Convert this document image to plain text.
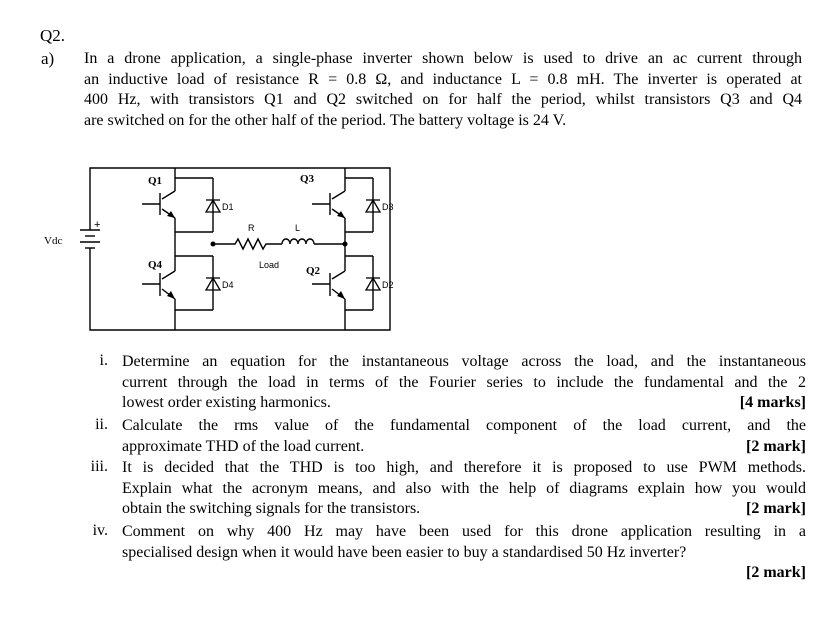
Q2.
a) In a drone application, a single-phase inverter shown below is used to drive an ac current through
an inductive load of resistance R = 0.8 Ω, and inductance L = 0.8 mH. The inverter is operated at
400 Hz, with transistors Q1 and Q2 switched on for half the period, whilst transistors Q3 and Q4
are switched on for the other half of the period. The battery voltage is 24 V.
Q1	Q3
Q4	Q2
D1
D4
D3
D2
R	L
Load
Vdc
+
i. Determine an equation for the instantaneous voltage across the load, and the instantaneous
current through the load in terms of the Fourier series to include the fundamental and the 2
lowest order existing harmonics.	[4 marks]
ii. Calculate the rms value of the fundamental component of the load current, and the
approximate THD of the load current.	[2 mark]
iii. It is decided that the THD is too high, and therefore it is proposed to use PWM methods.
Explain what the acronym means, and also with the help of diagrams explain how you would
obtain the switching signals for the transistors.	[2 mark]
iv. Comment on why 400 Hz may have been used for this drone application resulting in a
specialised design when it would have been easier to buy a standardised 50 Hz inverter?
[2 mark]
